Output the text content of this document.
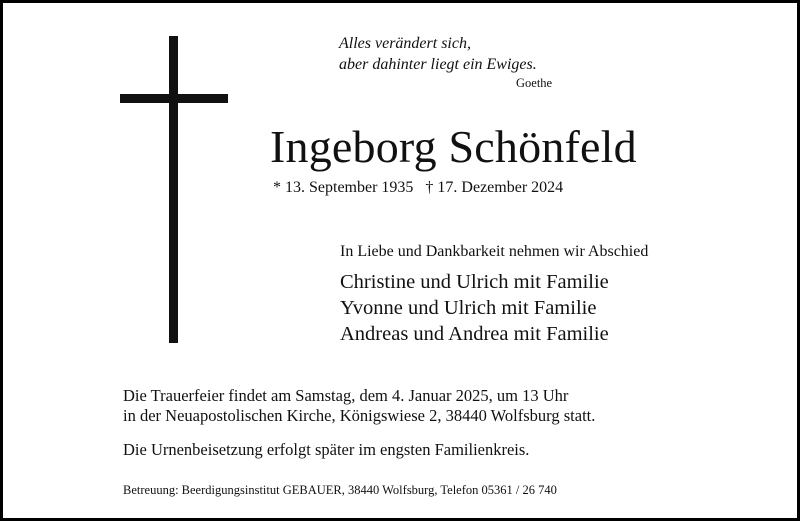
Alles verändert sich,
aber dahinter liegt ein Ewiges.
Goethe
Ingeborg Schönfeld
* 13. September 1935 † 17. Dezember 2024
In Liebe und Dankbarkeit nehmen wir Abschied
Christine und Ulrich mit Familie
Yvonne und Ulrich mit Familie
Andreas und Andrea mit Familie
Die Trauerfeier findet am Samstag, dem 4. Januar 2025, um 13 Uhr
in der Neuapostolischen Kirche, Königswiese 2, 38440 Wolfsburg statt.
Die Urnenbeisetzung erfolgt später im engsten Familienkreis.
Betreuung: Beerdigungsinstitut GEBAUER, 38440 Wolfsburg, Telefon 05361 / 26 740
